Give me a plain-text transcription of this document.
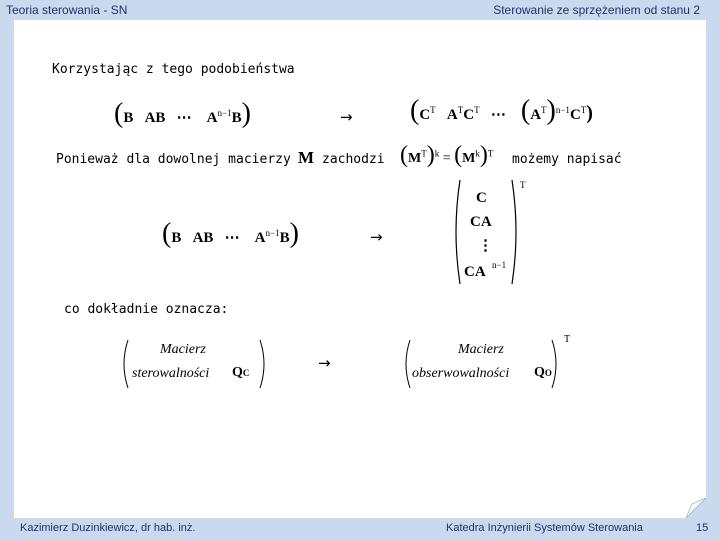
Teoria sterowania - SN	Sterowanie ze sprzężeniem od stanu 2
Korzystając z tego podobieństwa
(B   AB   ⋯    $A^{n-1}B$)	→ ($C^T$   $A^TC^T$   ⋯    $(A^T)^{n-1}C^T$)
Ponieważ dla dowolnej macierzy M zachodzi $(M^T)^k = (M^k)^T$ możemy napisać
(B   AB   ⋯    $A^{n-1}B$)	→
C
CA
⋮
CA n−1
T
co dokładnie oznacza:
Macierz
sterowalności QC
→
Macierz
obserwowalności QO
T
Kazimierz Duzinkiewicz, dr hab. inż.	Katedra Inżynierii Systemów Sterowania	15
